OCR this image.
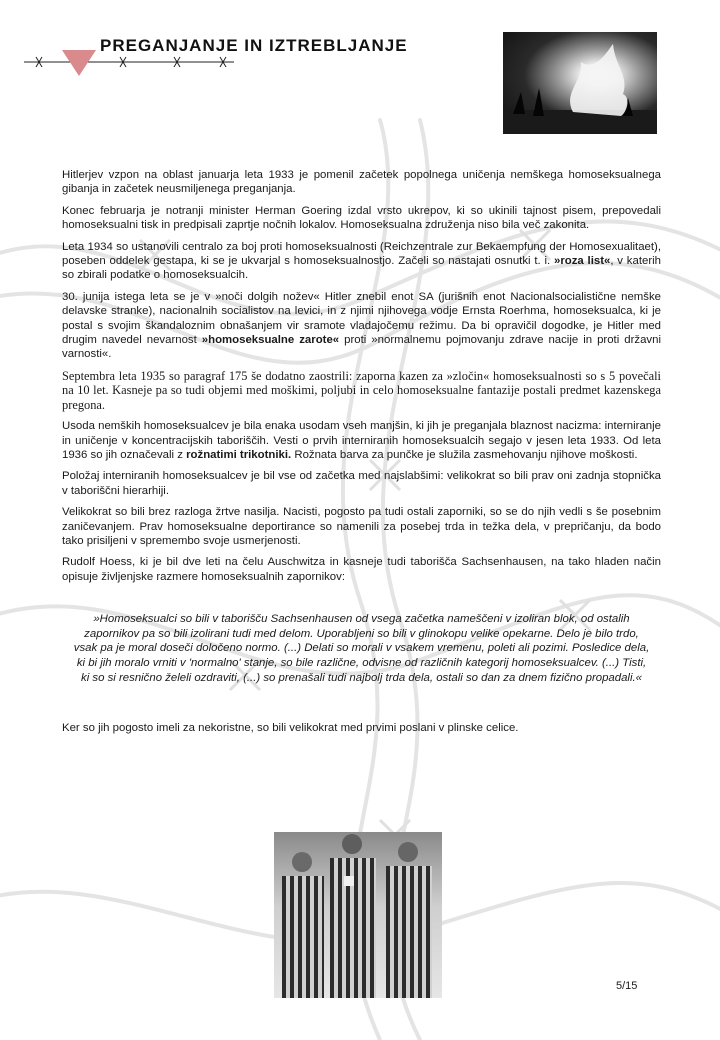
PREGANJANJE IN IZTREBLJANJE

Hitlerjev vzpon na oblast januarja leta 1933 je pomenil začetek popolnega uničenja nemškega homoseksualnega gibanja in začetek neusmiljenega preganjanja.

Konec februarja je notranji minister Herman Goering izdal vrsto ukrepov, ki so ukinili tajnost pisem, prepovedali homoseksualni tisk in predpisali zaprtje nočnih lokalov. Homoseksualna združenja niso bila več zakonita.

Leta 1934 so ustanovili centralo za boj proti homoseksualnosti (Reichzentrale zur Bekaempfung der Homosexualitaet), poseben oddelek gestapa, ki se je ukvarjal s homoseksualnostjo. Začeli so nastajati osnutki t. i. »roza list«, v katerih so zbirali podatke o homoseksualcih.

30. junija istega leta se je v »noči dolgih nožev« Hitler znebil enot SA (jurišnih enot Nacionalsocialistične nemške delavske stranke), nacionalnih socialistov na levici, in z njimi njihovega vodje Ernsta Roerhma, homoseksualca, ki je postal s svojim škandaloznim obnašanjem vir sramote vladajočemu režimu. Da bi opravičil dogodke, je Hitler med drugim navedel nevarnost »homoseksualne zarote« proti »normalnemu pojmovanju zdrave nacije in proti državni varnosti«.

Septembra leta 1935 so paragraf 175 še dodatno zaostrili: zaporna kazen za »zločin« homoseksualnosti so s 5 povečali na 10 let. Kasneje pa so tudi objemi med moškimi, poljubi in celo homoseksualne fantazije postali predmet kazenskega pregona.

Usoda nemških homoseksualcev je bila enaka usodam vseh manjšin, ki jih je preganjala blaznost nacizma: interniranje in uničenje v koncentracijskih taboriščih. Vesti o prvih interniranih homoseksualcih segajo v jesen leta 1933. Od leta 1936 so jih označevali z rožnatimi trikotniki. Rožnata barva za punčke je služila zasmehovanju njihove moškosti.

Položaj interniranih homoseksualcev je bil vse od začetka med najslabšimi: velikokrat so bili prav oni zadnja stopnička v taboriščni hierarhiji.

Velikokrat so bili brez razloga žrtve nasilja. Nacisti, pogosto pa tudi ostali zaporniki, so se do njih vedli s še posebnim zaničevanjem. Prav homoseksualne deportirance so namenili za posebej trda in težka dela, v prepričanju, da bodo tako prisiljeni v spremembo svoje usmerjenosti.

Rudolf Hoess, ki je bil dve leti na čelu Auschwitza in kasneje tudi taborišča Sachsenhausen, na tako hladen način opisuje življenjske razmere homoseksualnih zapornikov:

»Homoseksualci so bili v taborišču Sachsenhausen od vsega začetka nameščeni v izoliran blok, od ostalih zapornikov pa so bili izolirani tudi med delom. Uporabljeni so bili v glinokopu velike opekarne. Delo je bilo trdo, vsak pa je moral doseči določeno normo. (...) Delati so morali v vsakem vremenu, poleti ali pozimi. Posledice dela, ki bi jih moralo vrniti v 'normalno' stanje, so bile različne, odvisne od različnih kategorij homoseksualcev. (...) Tisti, ki so si resnično želeli ozdraviti, (...) so prenašali tudi najbolj trda dela, ostali so dan za dnem fizično propadali.«

Ker so jih pogosto imeli za nekoristne, so bili velikokrat med prvimi poslani v plinske celice.

5/15
